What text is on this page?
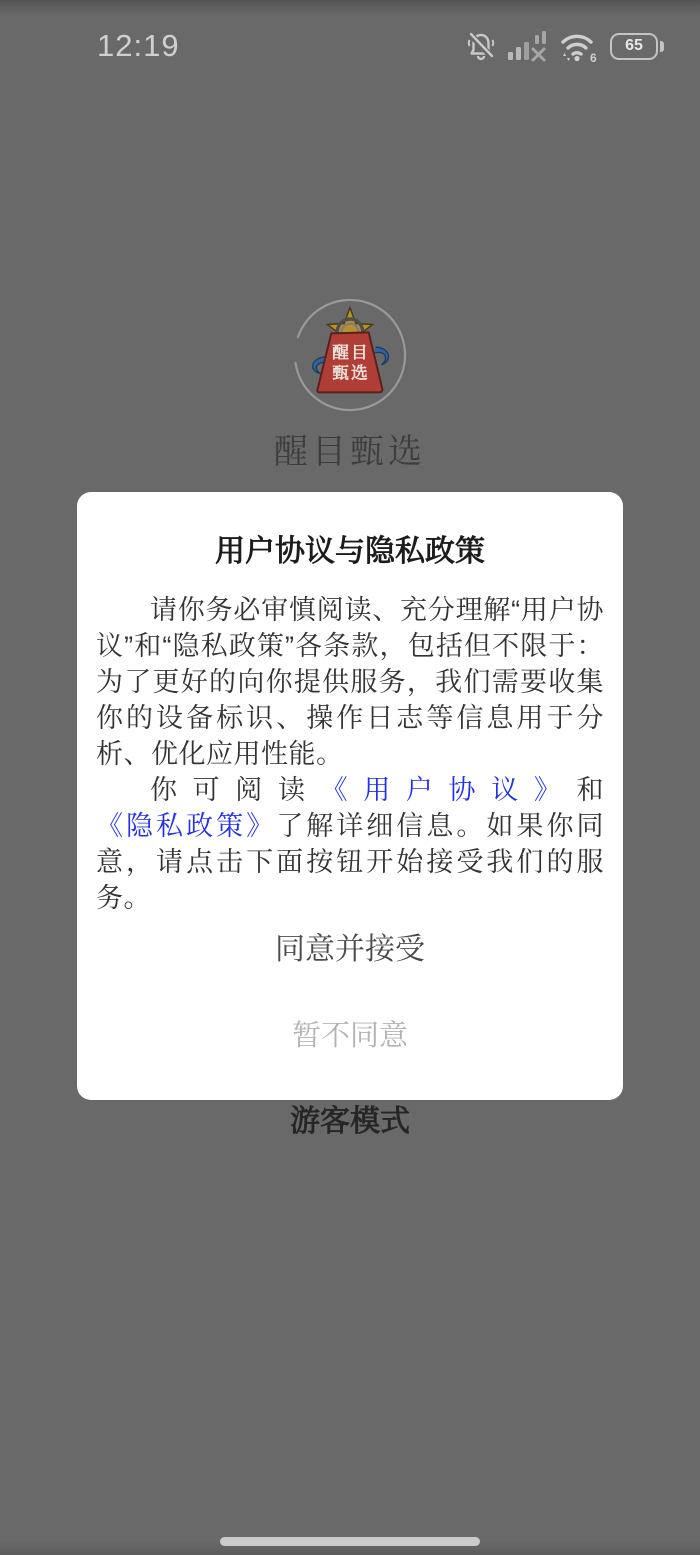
12:19	6
65
醒目
甄选
醒目甄选
用户协议与隐私政策

请你务必审慎阅读、充分理解“用户协议”和“隐私政策”各条款，包括但不限于：为了更好的向你提供服务，我们需要收集你的设备标识、操作日志等信息用于分析、优化应用性能。

你可阅读《用户协议》和《隐私政策》了解详细信息。如果你同意，请点击下面按钮开始接受我们的服务。

同意并接受
暂不同意
游客模式
